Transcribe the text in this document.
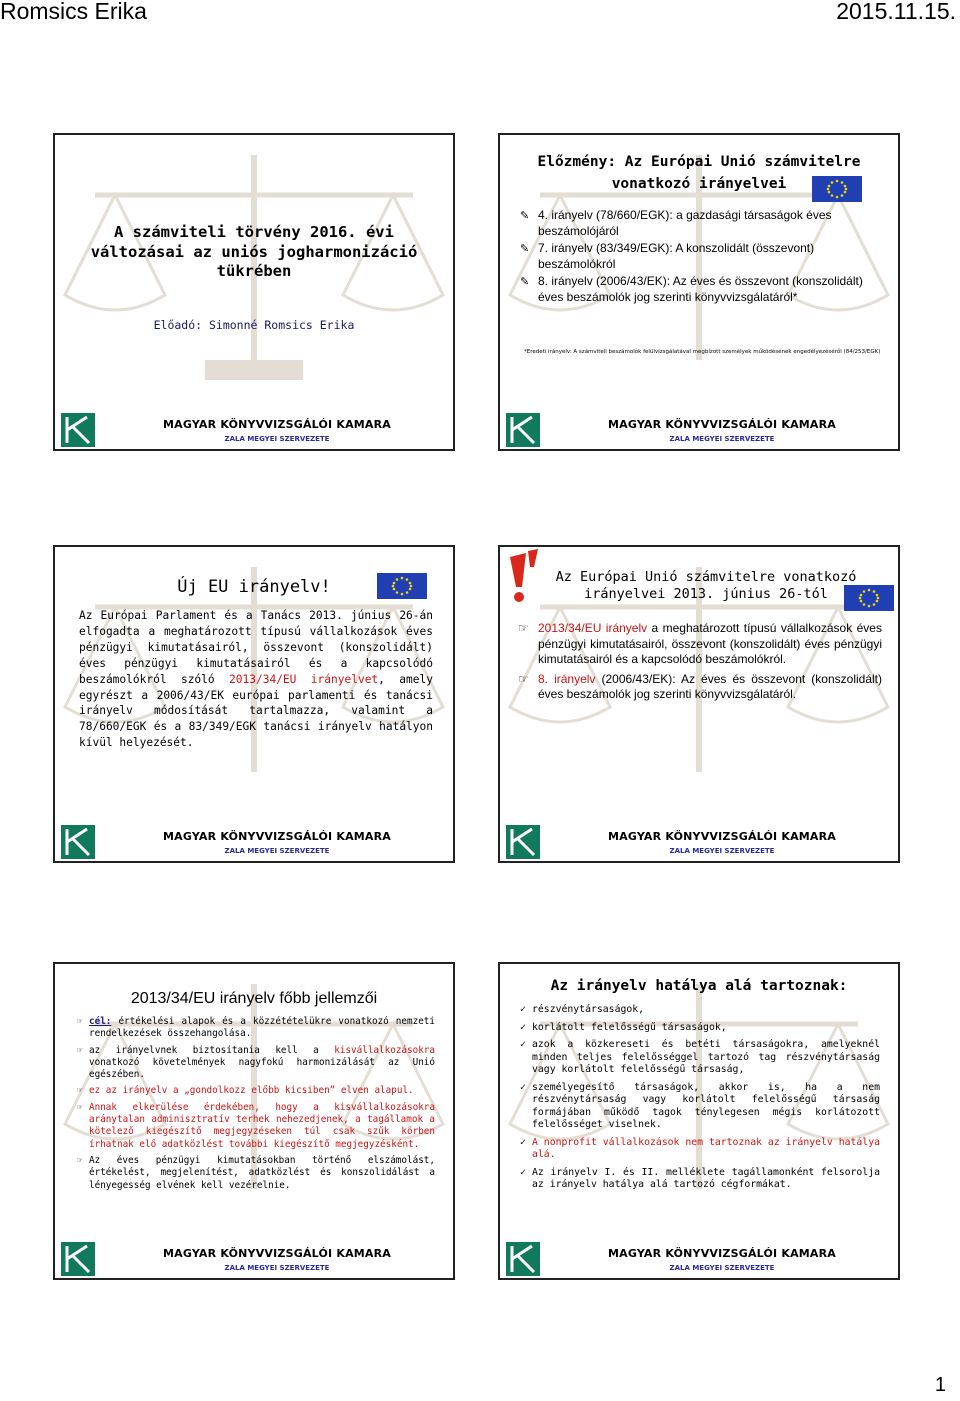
Romsics Erika	2015.11.15.
A számviteli törvény 2016. évi változásai az uniós jogharmonizáció tükrében
Előadó: Simonné Romsics Erika
MAGYAR KÖNYVVIZSGÁLÓI KAMARA
ZALA MEGYEI SZERVEZETE
Előzmény: Az Európai Unió számvitelre vonatkozó irányelvei
✎ 4. irányelv (78/660/EGK): a gazdasági társaságok éves beszámolójáról
✎ 7. irányelv (83/349/EGK): A konszolidált (összevont) beszámolókról
✎ 8. irányelv (2006/43/EK): Az éves és összevont (konszolidált) éves beszámolók jog szerinti könyvvizsgálatáról*
*Eredeti irányelv: A számviteli beszámolók felülvizsgálatával megbízott személyek működésének engedélyezéséről (84/253/EGK)
MAGYAR KÖNYVVIZSGÁLÓI KAMARA
ZALA MEGYEI SZERVEZETE
Új EU irányelv!

Az Európai Parlament és a Tanács 2013. június 26-án elfogadta a meghatározott típusú vállalkozások éves pénzügyi kimutatásairól, összevont (konszolidált) éves pénzügyi kimutatásairól és a kapcsolódó beszámolókról szóló 2013/34/EU irányelvet, amely egyrészt a 2006/43/EK európai parlamenti és tanácsi irányelv módosítását tartalmazza, valamint a 78/660/EGK és a 83/349/EGK tanácsi irányelv hatályon kívül helyezését.

MAGYAR KÖNYVVIZSGÁLÓI KAMARA
ZALA MEGYEI SZERVEZETE
Az Európai Unió számvitelre vonatkozó irányelvei 2013. június 26-tól
☞ 2013/34/EU irányelv a meghatározott típusú vállalkozások éves pénzügyi kimutatásairól, összevont (konszolidált) éves pénzügyi kimutatásairól és a kapcsolódó beszámolókról.
☞ 8. irányelv (2006/43/EK): Az éves és összevont (konszolidált) éves beszámolók jog szerinti könyvvizsgálatáról.
MAGYAR KÖNYVVIZSGÁLÓI KAMARA
ZALA MEGYEI SZERVEZETE
2013/34/EU irányelv főbb jellemzői
☞ cél: értékelési alapok és a közzétételükre vonatkozó nemzeti rendelkezések összehangolása.
☞ az irányelvnek biztosítania kell a kisvállalkozásokra vonatkozó követelmények nagyfokú harmonizálását az Unió egészében.
☞ ez az irányelv a „gondolkozz előbb kicsiben” elven alapul.
☞ Annak elkerülése érdekében, hogy a kisvállalkozásokra aránytalan adminisztratív terhek nehezedjenek, a tagállamok a kötelező kiegészítő megjegyzéseken túl csak szűk körben írhatnak elő adatközlést további kiegészítő megjegyzésként.
☞ Az éves pénzügyi kimutatásokban történő elszámolást, értékelést, megjelenítést, adatközlést és konszolidálást a lényegesség elvének kell vezérelnie.
MAGYAR KÖNYVVIZSGÁLÓI KAMARA
ZALA MEGYEI SZERVEZETE
Az irányelv hatálya alá tartoznak:
✓ részvénytársaságok,
✓ korlátolt felelősségű társaságok,
✓ azok a közkereseti és betéti társaságokra, amelyeknél minden teljes felelősséggel tartozó tag részvénytársaság vagy korlátolt felelősségű társaság,
✓ személyegesítő társaságok, akkor is, ha a nem részvénytársaság vagy korlátolt felelősségű társaság formájában működő tagok ténylegesen mégis korlátozott felelősséget viselnek.
✓ A nonprofit vállalkozások nem tartoznak az irányelv hatálya alá.
✓ Az irányelv I. és II. melléklete tagállamonként felsorolja az irányelv hatálya alá tartozó cégformákat.
MAGYAR KÖNYVVIZSGÁLÓI KAMARA
ZALA MEGYEI SZERVEZETE
1
